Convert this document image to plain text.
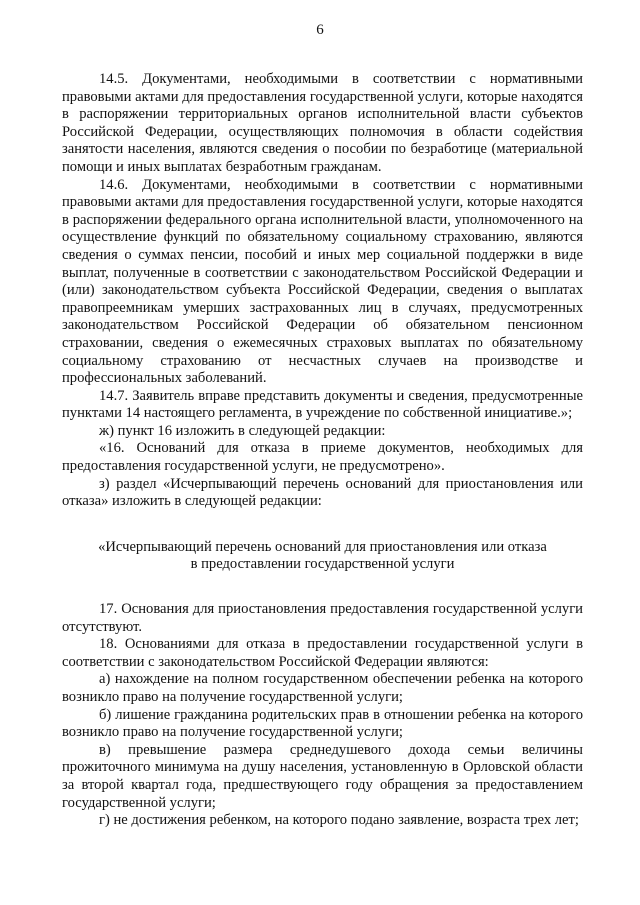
6

14.5. Документами, необходимыми в соответствии с нормативными правовыми актами для предоставления государственной услуги, которые находятся в распоряжении территориальных органов исполнительной власти субъектов Российской Федерации, осуществляющих полномочия в области содействия занятости населения, являются сведения о пособии по безработице (материальной помощи и иных выплатах безработным гражданам.

14.6. Документами, необходимыми в соответствии с нормативными правовыми актами для предоставления государственной услуги, которые находятся в распоряжении федерального органа исполнительной власти, уполномоченного на осуществление функций по обязательному социальному страхованию, являются сведения о суммах пенсии, пособий и иных мер социальной поддержки в виде выплат, полученные в соответствии с законодательством Российской Федерации и (или) законодательством субъекта Российской Федерации, сведения о выплатах правопреемникам умерших застрахованных лиц в случаях, предусмотренных законодательством Российской Федерации об обязательном пенсионном страховании, сведения о ежемесячных страховых выплатах по обязательному социальному страхованию от несчастных случаев на производстве и профессиональных заболеваний.

14.7. Заявитель вправе представить документы и сведения, предусмотренные пунктами 14 настоящего регламента, в учреждение по собственной инициативе.»;

ж) пункт 16 изложить в следующей редакции:

«16. Оснований для отказа в приеме документов, необходимых для предоставления государственной услуги, не предусмотрено».

з) раздел «Исчерпывающий перечень оснований для приостановления или отказа» изложить в следующей редакции:

«Исчерпывающий перечень оснований для приостановления или отказа
в предоставлении государственной услуги

17. Основания для приостановления предоставления государственной услуги отсутствуют.

18. Основаниями для отказа в предоставлении государственной услуги в соответствии с законодательством Российской Федерации являются:

а) нахождение на полном государственном обеспечении ребенка на которого возникло право на получение государственной услуги;

б) лишение гражданина родительских прав в отношении ребенка на которого возникло право на получение государственной услуги;

в) превышение размера среднедушевого дохода семьи величины прожиточного минимума на душу населения, установленную в Орловской области за второй квартал года, предшествующего году обращения за предоставлением государственной услуги;

г) не достижения ребенком, на которого подано заявление, возраста трех лет;
